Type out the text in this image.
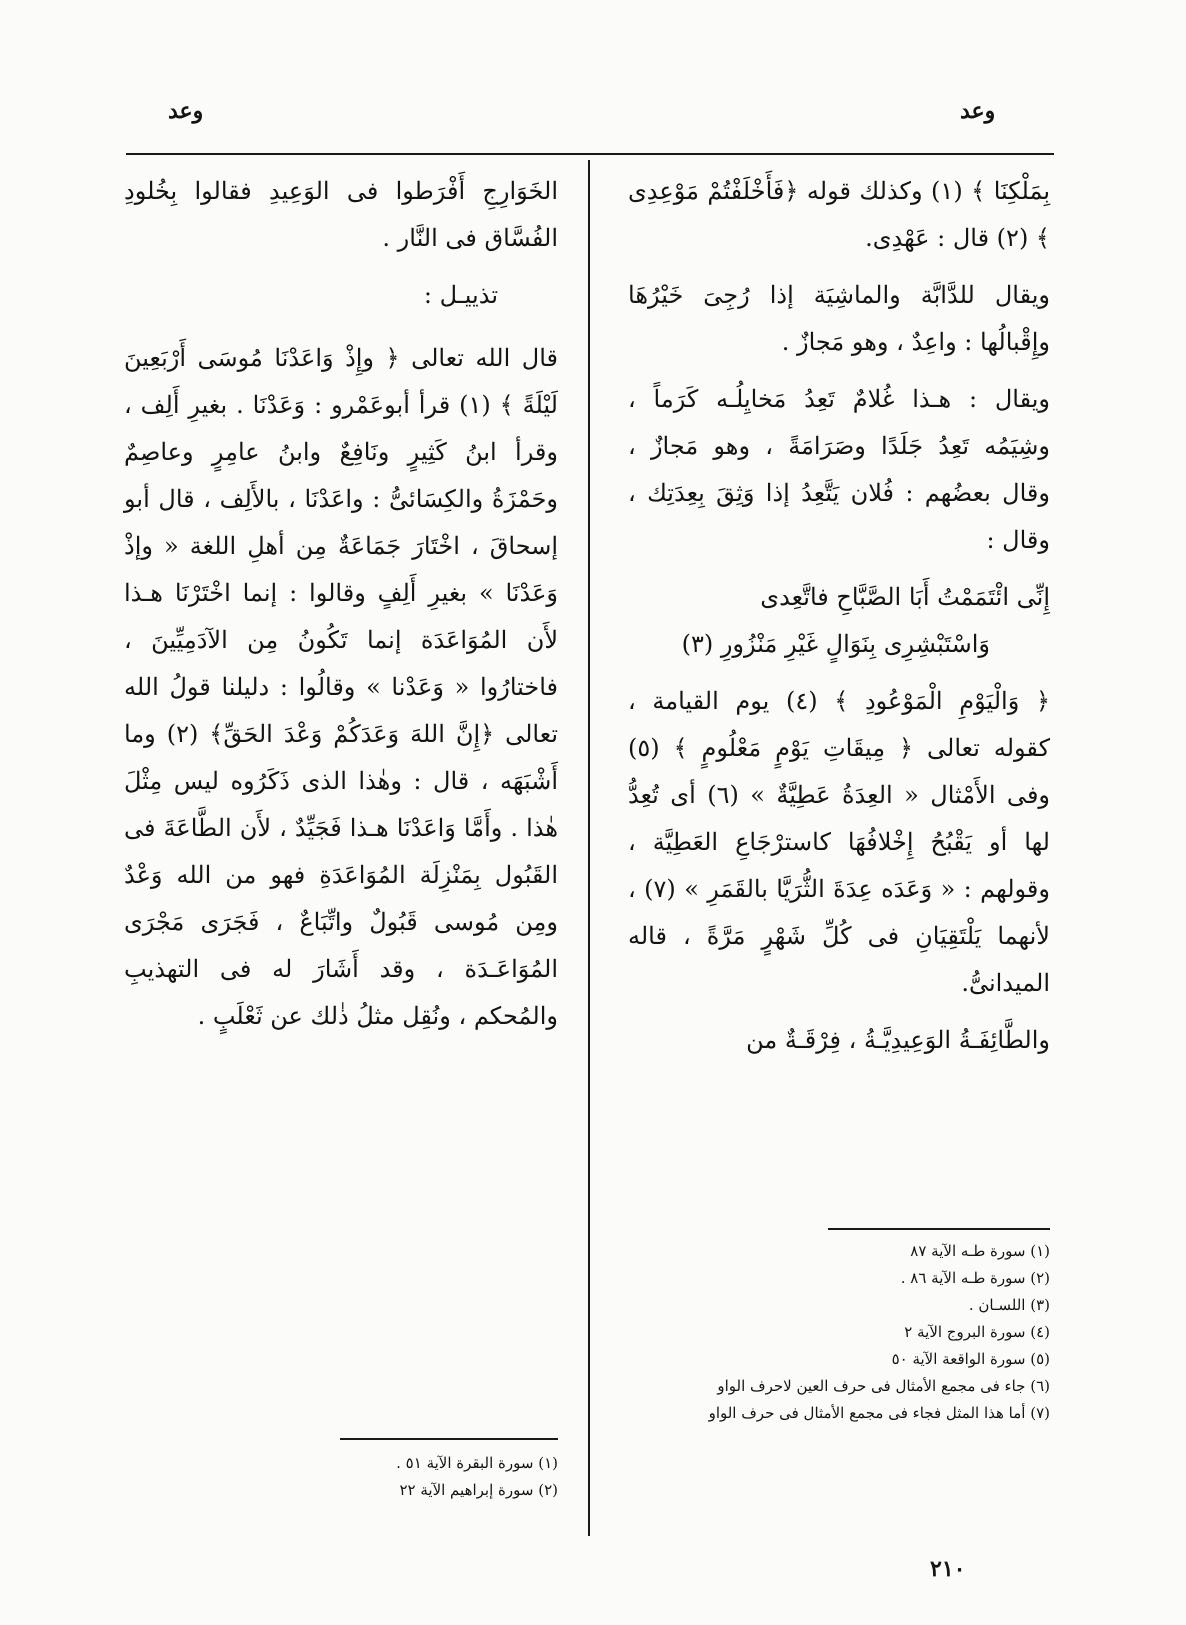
وعد	وعد

بِمَلْكِنَا ﴾ (١) وكذلك قوله ﴿فَأَخْلَفْتُمْ مَوْعِدِى ﴾ (٢) قال : عَهْدِى.

ويقال للدَّابَّة والماشِيَة إذا رُجِىَ خَيْرُهَا وإِقْبالُها : واعِدٌ ، وهو مَجازٌ .

ويقال : هـذا غُلامٌ تَعِدُ مَخايِلُـه كَرَماً ، وشِيَمُه تَعِدُ جَلَدًا وصَرَامَةً ، وهو مَجازٌ ، وقال بعضُهم : فُلان يَتَّعِدُ إذا وَثِقَ بِعِدَتِك ، وقال :

إِنِّى ائْتَمَمْتُ أَبَا الصَّبَّاحِ فاتَّعِدى
وَاسْتَبْشِرِى بِنَوَالٍ غَيْرِ مَنْزُورِ (٣)

﴿ وَالْيَوْمِ الْمَوْعُودِ ﴾ (٤) يوم القيامة ، كقوله تعالى ﴿ مِيقَاتِ يَوْمٍ مَعْلُومٍ ﴾ (٥) وفى الأَمْثال « العِدَةُ عَطِيَّةٌ » (٦) أى تُعِدُّ لها أو يَقْبُحُ إِخْلافُهَا كاسترْجَاعِ العَطِيَّة ، وقولهم : « وَعَدَه عِدَةَ الثُّرَيَّا بالقَمَرِ » (٧) ، لأنهما يَلْتَقِيَانِ فى كُلِّ شَهْرٍ مَرَّةً ، قاله الميدانىُّ.

والطَّائِفَـةُ الوَعِيدِيَّـةُ ، فِرْقَـةٌ من

الخَوَارِجِ أَفْرَطوا فى الوَعِيدِ فقالوا بِخُلودِ الفُسَّاق فى النَّار .

تذييـل :

قال الله تعالى ﴿ وإِذْ وَاعَدْنَا مُوسَى أَرْبَعِينَ لَيْلَةً ﴾ (١) قرأ أبوعَمْرو : وَعَدْنَا . بغيرِ أَلِف ، وقرأ ابنُ كَثِيرٍ ونَافِعٌ وابنُ عامِرٍ وعاصِمٌ وحَمْزَةُ والكِسَائىُّ : واعَدْنَا ، بالأَلِف ، قال أبو إسحاقَ ، اخْتَارَ جَمَاعَةٌ مِن أهلِ اللغة « وإذْ وَعَدْنَا » بغيرِ أَلِفٍ وقالوا : إنما اخْتَرْنَا هـذا لأَن المُوَاعَدَة إنما تَكُونُ مِن الآدَمِيِّينَ ، فاختارُوا « وَعَدْنا » وقالُوا : دليلنا قولُ الله تعالى ﴿إِنَّ اللهَ وَعَدَكُمْ وَعْدَ الحَقِّ﴾ (٢) وما أَشْبَهَه ، قال : وهٰذا الذى ذَكَرُوه ليس مِثْلَ هٰذا . وأَمَّا وَاعَدْنَا هـذا فَجَيِّدٌ ، لأَن الطَّاعَةَ فى القَبُول بِمَنْزِلَة المُوَاعَدَةِ فهو من الله وَعْدٌ ومِن مُوسى قَبُولٌ واتِّبَاعٌ ، فَجَرَى مَجْرَى المُوَاعَـدَة ، وقد أَشَارَ له فى التهذيبِ والمُحكم ، ونُقِل مثلُ ذٰلك عن ثَعْلَبٍ .

(١) سورة طـه الآية ٨٧
(٢) سورة طـه الآية ٨٦ .
(٣) اللسـان .
(٤) سورة البروج الآية ٢
(٥) سورة الواقعة الآية ٥٠
(٦) جاء فى مجمع الأمثال فى حرف العين لاحرف الواو
(٧) أما هذا المثل فجاء فى مجمع الأمثال فى حرف الواو
(١) سورة البقرة الآية ٥١ .
(٢) سورة إبراهيم الآية ٢٢
٢١٠
